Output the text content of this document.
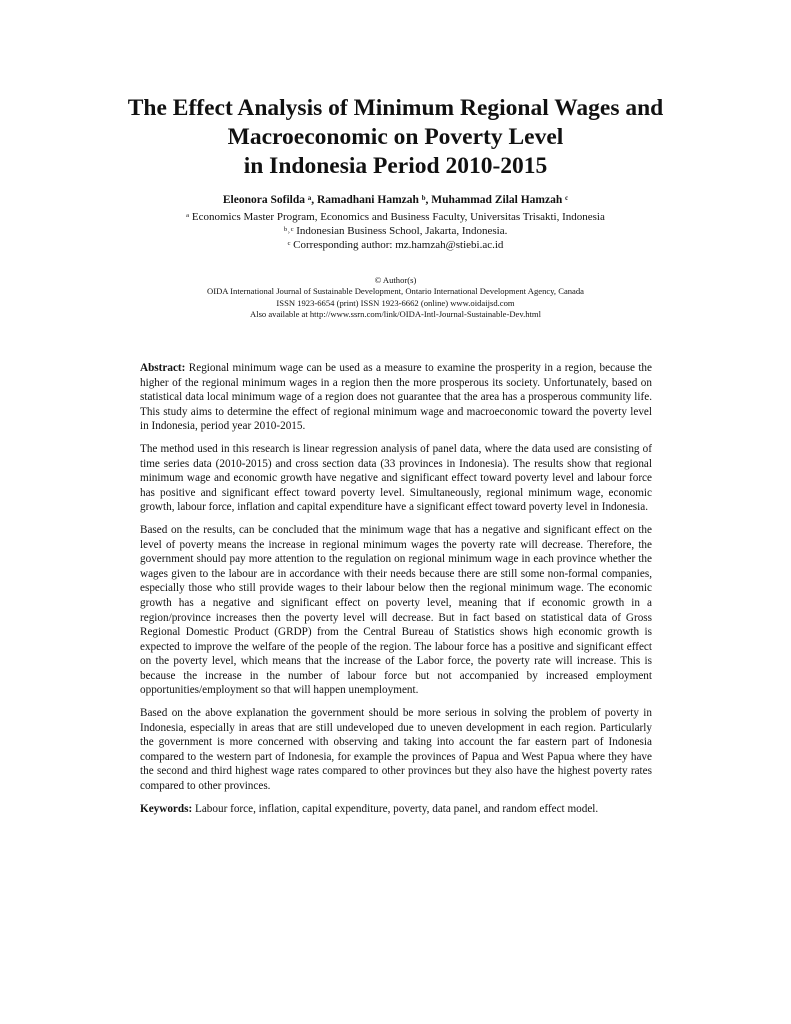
The Effect Analysis of Minimum Regional Wages and
Macroeconomic on Poverty Level
in Indonesia Period 2010-2015
Eleonora Sofilda ᵃ, Ramadhani Hamzah ᵇ, Muhammad Zilal Hamzah ᶜ
ᵃ Economics Master Program, Economics and Business Faculty, Universitas Trisakti, Indonesia
ᵇ˒ᶜ Indonesian Business School, Jakarta, Indonesia.
ᶜ Corresponding author: mz.hamzah@stiebi.ac.id
© Author(s)
OIDA International Journal of Sustainable Development, Ontario International Development Agency, Canada
ISSN 1923-6654 (print) ISSN 1923-6662 (online) www.oidaijsd.com
Also available at http://www.ssrn.com/link/OIDA-Intl-Journal-Sustainable-Dev.html

Abstract: Regional minimum wage can be used as a measure to examine the prosperity in a region, because the higher of the regional minimum wages in a region then the more prosperous its society. Unfortunately, based on statistical data local minimum wage of a region does not guarantee that the area has a prosperous community life. This study aims to determine the effect of regional minimum wage and macroeconomic toward the poverty level in Indonesia, period year 2010-2015.

The method used in this research is linear regression analysis of panel data, where the data used are consisting of time series data (2010-2015) and cross section data (33 provinces in Indonesia). The results show that regional minimum wage and economic growth have negative and significant effect toward poverty level and labour force has positive and significant effect toward poverty level. Simultaneously, regional minimum wage, economic growth, labour force, inflation and capital expenditure have a significant effect toward poverty level in Indonesia.

Based on the results, can be concluded that the minimum wage that has a negative and significant effect on the level of poverty means the increase in regional minimum wages the poverty rate will decrease. Therefore, the government should pay more attention to the regulation on regional minimum wage in each province whether the wages given to the labour are in accordance with their needs because there are still some non-formal companies, especially those who still provide wages to their labour below then the regional minimum wage. The economic growth has a negative and significant effect on poverty level, meaning that if economic growth in a region/province increases then the poverty level will decrease. But in fact based on statistical data of Gross Regional Domestic Product (GRDP) from the Central Bureau of Statistics shows high economic growth is expected to improve the welfare of the people of the region. The labour force has a positive and significant effect on the poverty level, which means that the increase of the Labor force, the poverty rate will increase. This is because the increase in the number of labour force but not accompanied by increased employment opportunities/employment so that will happen unemployment.

Based on the above explanation the government should be more serious in solving the problem of poverty in Indonesia, especially in areas that are still undeveloped due to uneven development in each region. Particularly the government is more concerned with observing and taking into account the far eastern part of Indonesia compared to the western part of Indonesia, for example the provinces of Papua and West Papua where they have the second and third highest wage rates compared to other provinces but they also have the highest poverty rates compared to other provinces.

Keywords: Labour force, inflation, capital expenditure, poverty, data panel, and random effect model.
